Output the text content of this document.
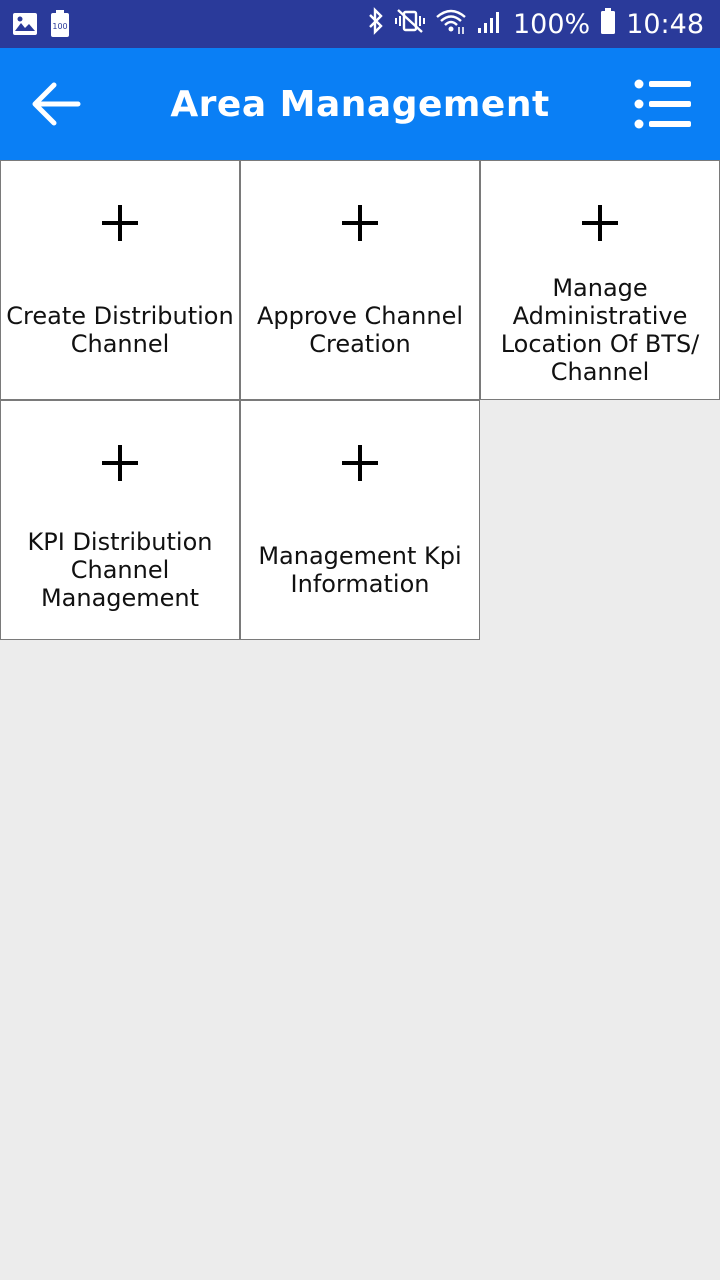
100	100% 10:48
Area Management
Create Distribution Channel
Approve Channel Creation
Manage Administrative Location Of BTS/ Channel
KPI Distribution Channel Management
Management Kpi Information
